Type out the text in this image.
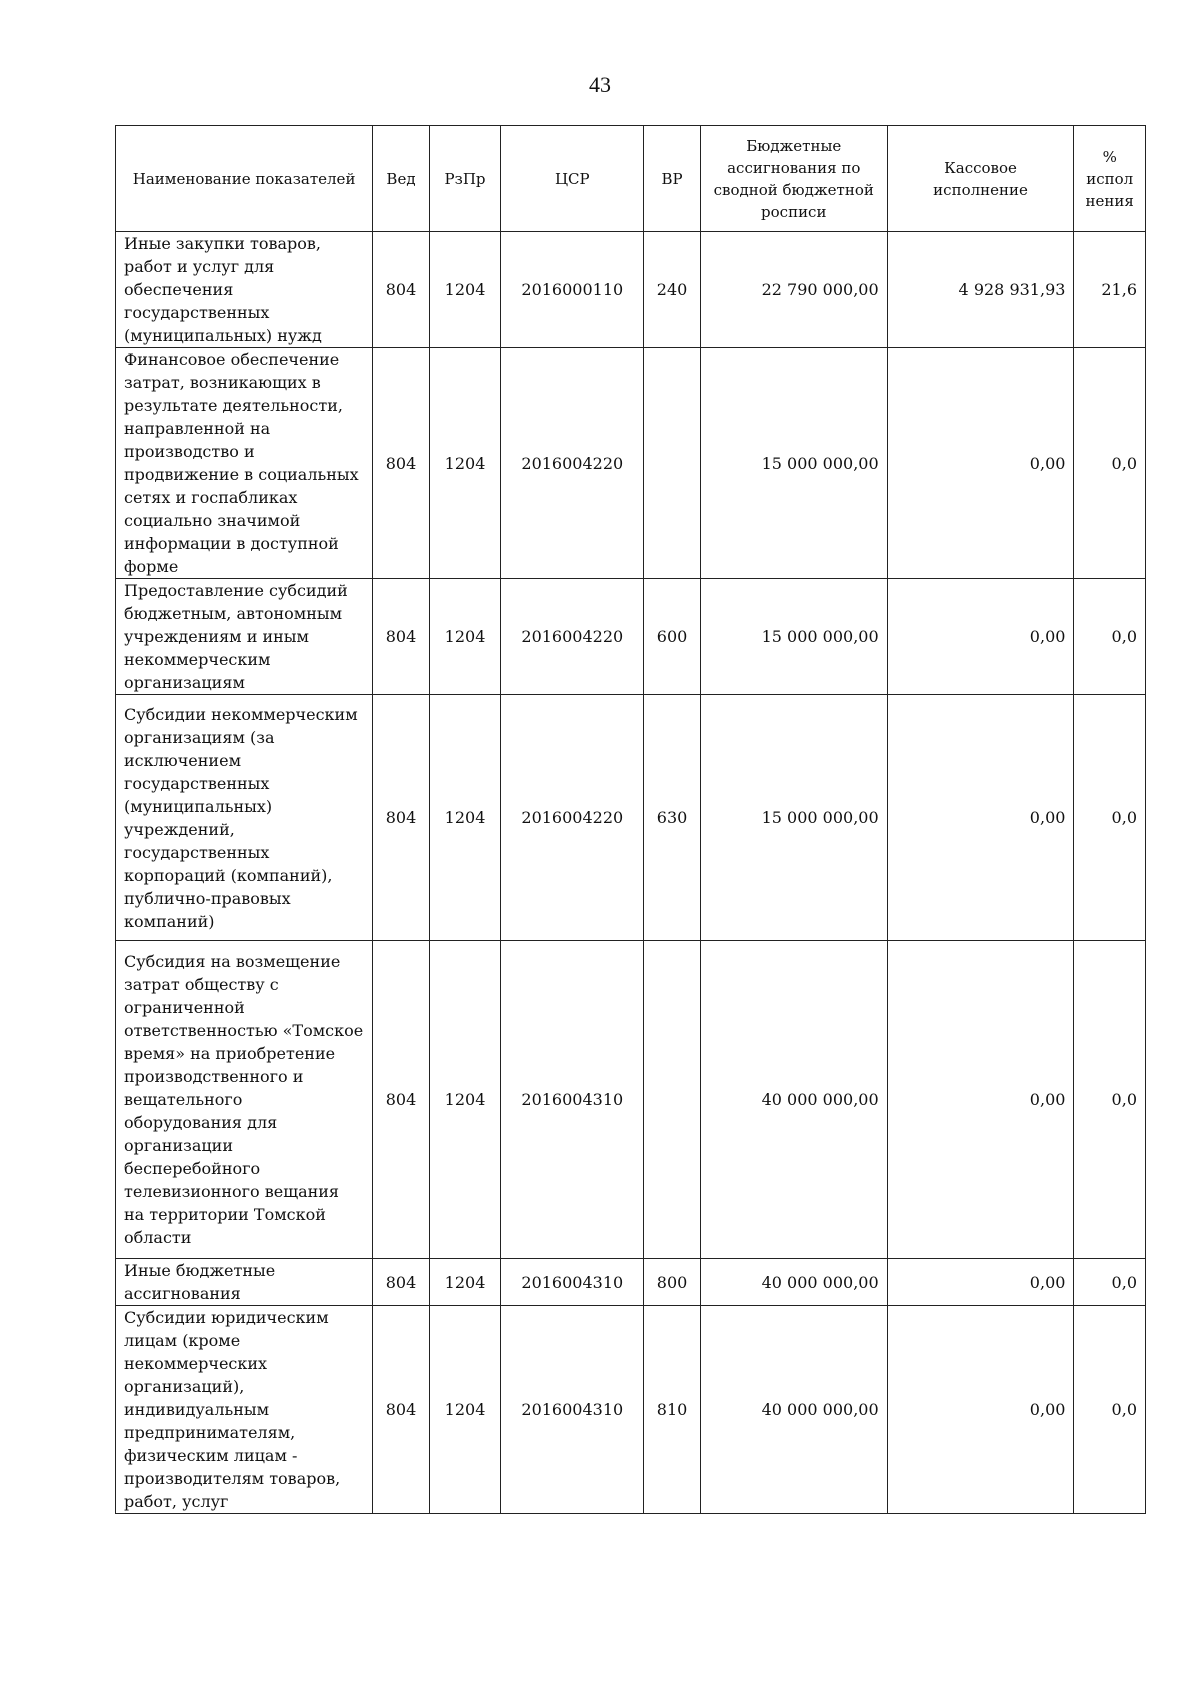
43
Наименование показателей	Вед	РзПр	ЦСР	ВР	Бюджетные ассигнования по сводной бюджетной росписи	Кассовое исполнение	% испол нения
Иные закупки товаров, работ и услуг для обеспечения государственных (муниципальных) нужд	804	1204	2016000110	240	22 790 000,00	4 928 931,93	21,6
Финансовое обеспечение затрат, возникающих в результате деятельности, направленной на производство и продвижение в социальных сетях и госпабликах социально значимой информации в доступной форме	804	1204	2016004220		15 000 000,00	0,00	0,0
Предоставление субсидий бюджетным, автономным учреждениям и иным некоммерческим организациям	804	1204	2016004220	600	15 000 000,00	0,00	0,0
Субсидии некоммерческим организациям (за исключением государственных (муниципальных) учреждений, государственных корпораций (компаний), публично-правовых компаний)	804	1204	2016004220	630	15 000 000,00	0,00	0,0
Субсидия на возмещение затрат обществу с ограниченной ответственностью «Томское время» на приобретение производственного и вещательного оборудования для организации бесперебойного телевизионного вещания на территории Томской области	804	1204	2016004310		40 000 000,00	0,00	0,0
Иные бюджетные ассигнования	804	1204	2016004310	800	40 000 000,00	0,00	0,0
Субсидии юридическим лицам (кроме некоммерческих организаций), индивидуальным предпринимателям, физическим лицам - производителям товаров, работ, услуг	804	1204	2016004310	810	40 000 000,00	0,00	0,0
